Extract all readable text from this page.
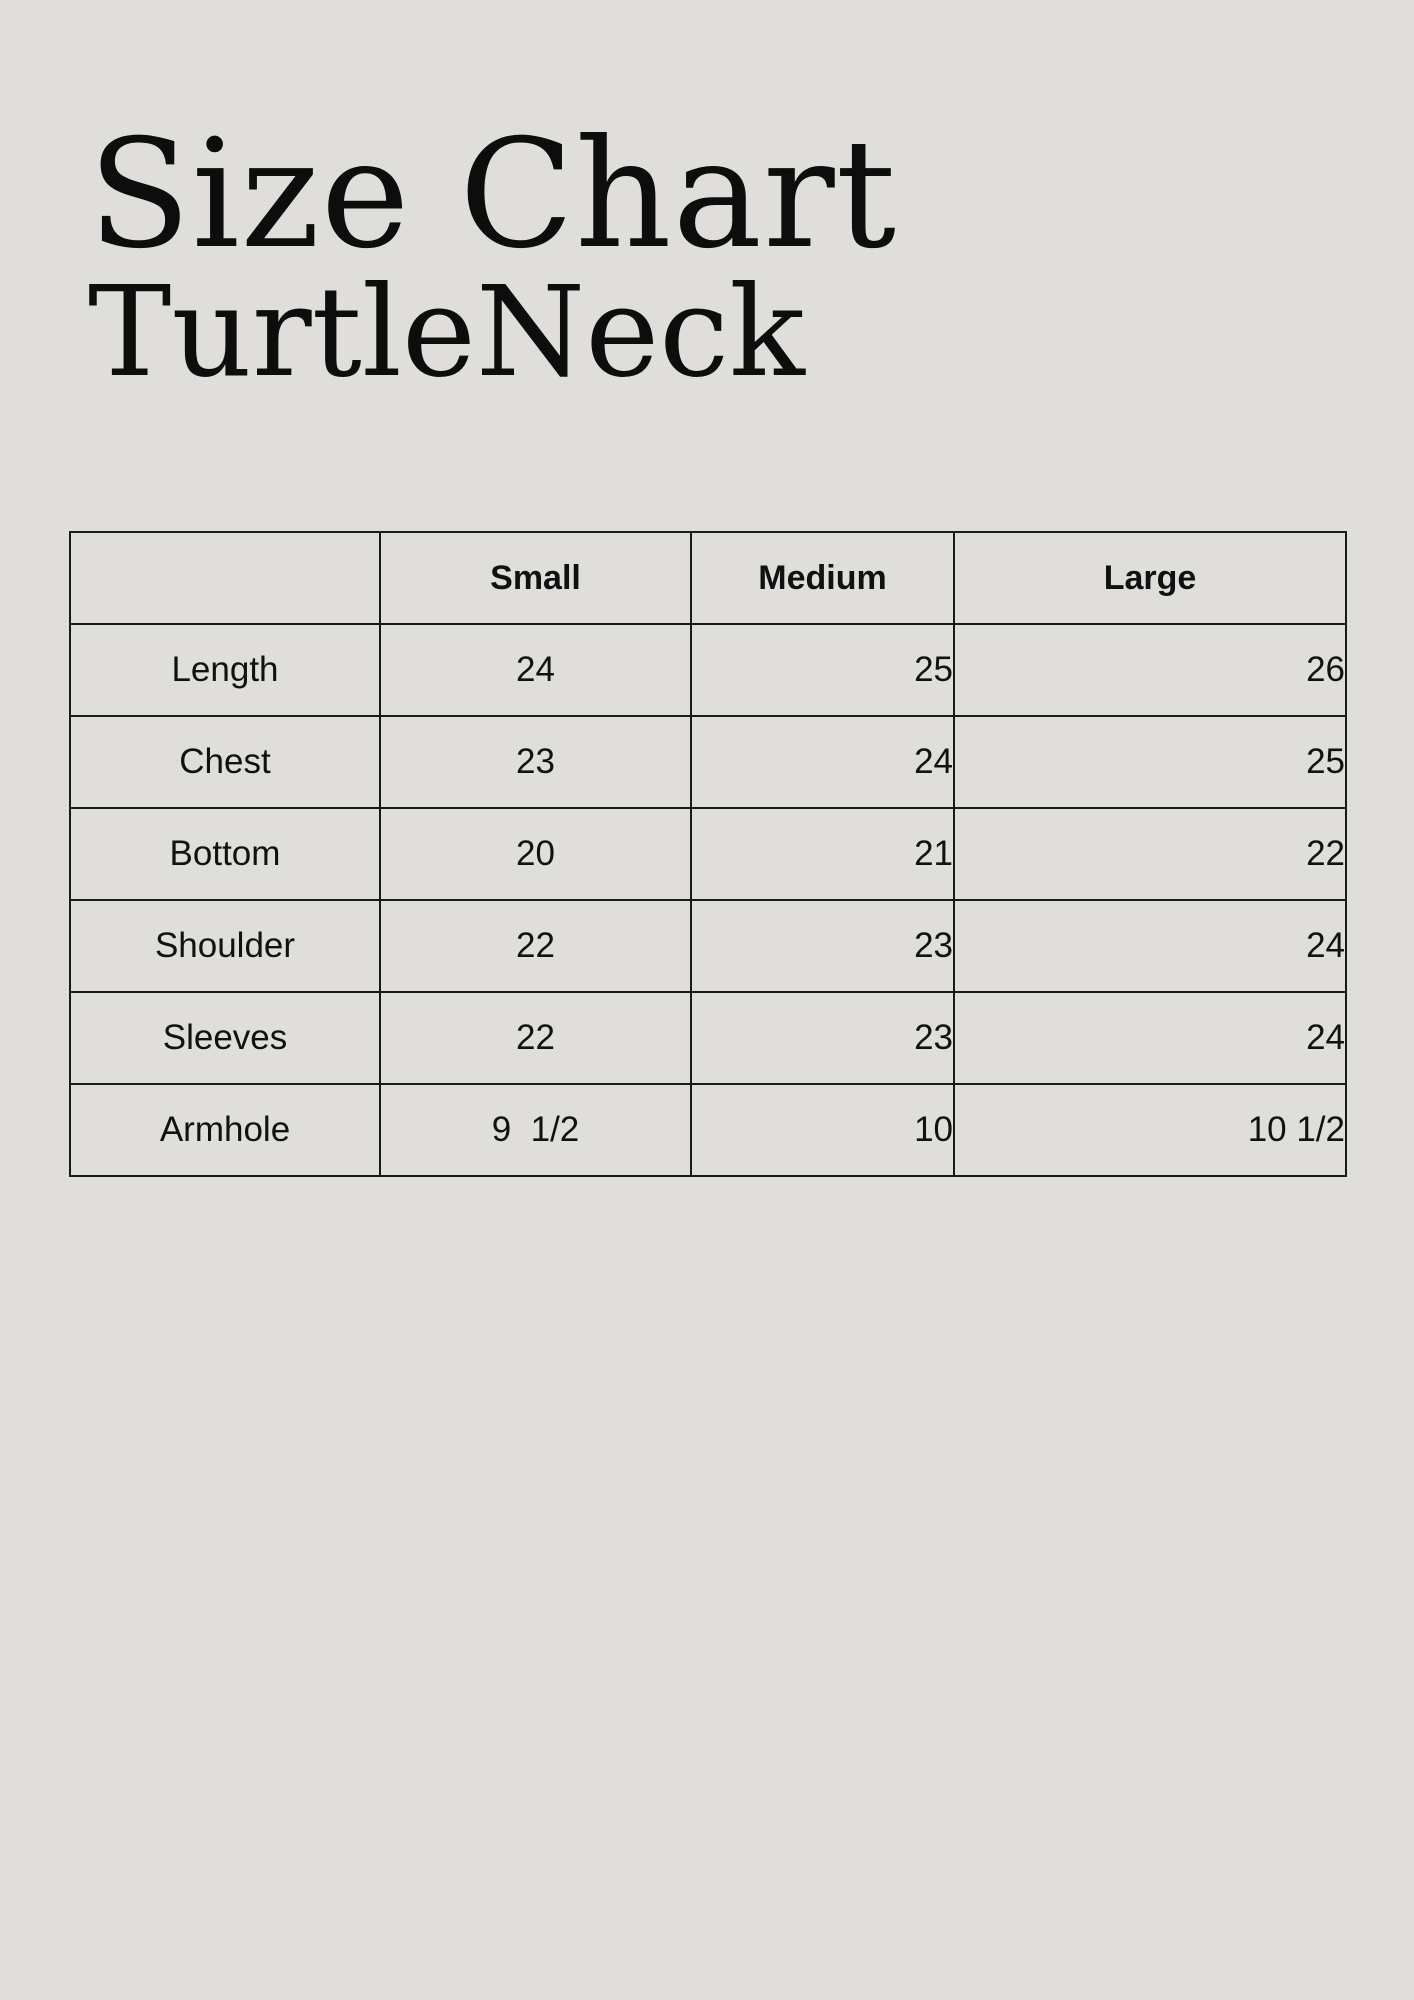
Size Chart
TurtleNeck
	Small	Medium	Large
Length	24	25	26
Chest	23	24	25
Bottom	20	21	22
Shoulder	22	23	24
Sleeves	22	23	24
Armhole	9  1/2	10	10 1/2
